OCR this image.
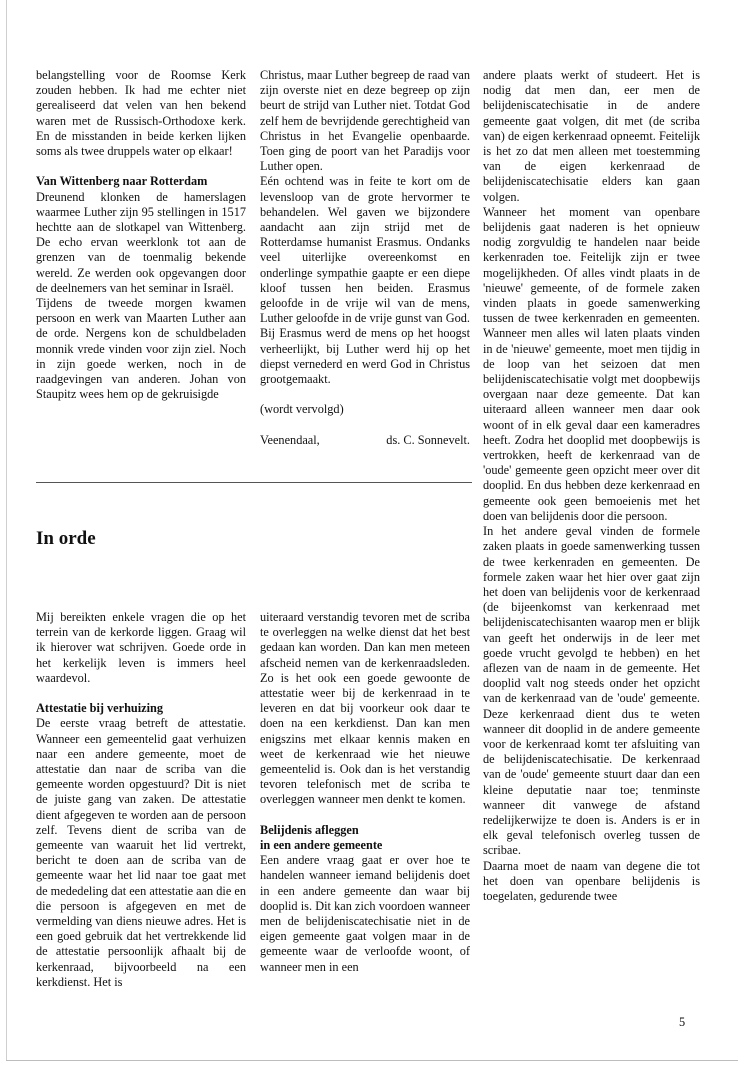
belangstelling voor de Roomse Kerk zouden hebben. Ik had me echter niet gerealiseerd dat velen van hen bekend waren met de Russisch-Orthodoxe kerk. En de misstanden in beide kerken lijken soms als twee druppels water op elkaar!

Van Wittenberg naar Rotterdam

Dreunend klonken de hamerslagen waarmee Luther zijn 95 stellingen in 1517 hechtte aan de slotkapel van Wittenberg. De echo ervan weerklonk tot aan de grenzen van de toenmalig bekende wereld. Ze werden ook opgevangen door de deelnemers van het seminar in Israël.

Tijdens de tweede morgen kwamen persoon en werk van Maarten Luther aan de orde. Nergens kon de schuldbeladen monnik vrede vinden voor zijn ziel. Noch in zijn goede werken, noch in de raadgevingen van anderen. Johan von Staupitz wees hem op de gekruisigde

Christus, maar Luther begreep de raad van zijn overste niet en deze begreep op zijn beurt de strijd van Luther niet. Totdat God zelf hem de bevrijdende gerechtigheid van Christus in het Evangelie openbaarde. Toen ging de poort van het Paradijs voor Luther open.

Eén ochtend was in feite te kort om de levensloop van de grote hervormer te behandelen. Wel gaven we bijzondere aandacht aan zijn strijd met de Rotterdamse humanist Erasmus. Ondanks veel uiterlijke overeenkomst en onderlinge sympathie gaapte er een diepe kloof tussen hen beiden. Erasmus geloofde in de vrije wil van de mens, Luther geloofde in de vrije gunst van God. Bij Erasmus werd de mens op het hoogst verheerlijkt, bij Luther werd hij op het diepst vernederd en werd God in Christus grootgemaakt.

(wordt vervolgd)

Veenendaal,	ds. C. Sonnevelt.
In orde

Mij bereikten enkele vragen die op het terrein van de kerkorde liggen. Graag wil ik hierover wat schrijven. Goede orde in het kerkelijk leven is immers heel waardevol.

Attestatie bij verhuizing

De eerste vraag betreft de attestatie. Wanneer een gemeentelid gaat verhuizen naar een andere gemeente, moet de attestatie dan naar de scriba van die gemeente worden opgestuurd? Dit is niet de juiste gang van zaken. De attestatie dient afgegeven te worden aan de persoon zelf. Tevens dient de scriba van de gemeente van waaruit het lid vertrekt, bericht te doen aan de scriba van de gemeente waar het lid naar toe gaat met de mededeling dat een attestatie aan die en die persoon is afgegeven en met de vermelding van diens nieuwe adres. Het is een goed gebruik dat het vertrekkende lid de attestatie persoonlijk afhaalt bij de kerkenraad, bijvoorbeeld na een kerkdienst. Het is

uiteraard verstandig tevoren met de scriba te overleggen na welke dienst dat het best gedaan kan worden. Dan kan men meteen afscheid nemen van de kerkenraadsleden. Zo is het ook een goede gewoonte de attestatie weer bij de kerkenraad in te leveren en dat bij voorkeur ook daar te doen na een kerkdienst. Dan kan men enigszins met elkaar kennis maken en weet de kerkenraad wie het nieuwe gemeentelid is. Ook dan is het verstandig tevoren telefonisch met de scriba te overleggen wanneer men denkt te komen.

Belijdenis afleggen
in een andere gemeente

Een andere vraag gaat er over hoe te handelen wanneer iemand belijdenis doet in een andere gemeente dan waar bij dooplid is. Dit kan zich voordoen wanneer men de belijdeniscatechisatie niet in de eigen gemeente gaat volgen maar in de gemeente waar de verloofde woont, of wanneer men in een

andere plaats werkt of studeert. Het is nodig dat men dan, eer men de belijdeniscatechisatie in de andere gemeente gaat volgen, dit met (de scriba van) de eigen kerkenraad opneemt. Feitelijk is het zo dat men alleen met toestemming van de eigen kerkenraad de belijdeniscatechisatie elders kan gaan volgen.

Wanneer het moment van openbare belijdenis gaat naderen is het opnieuw nodig zorgvuldig te handelen naar beide kerkenraden toe. Feitelijk zijn er twee mogelijkheden. Of alles vindt plaats in de 'nieuwe' gemeente, of de formele zaken vinden plaats in goede samenwerking tussen de twee kerkenraden en gemeenten. Wanneer men alles wil laten plaats vinden in de 'nieuwe' gemeente, moet men tijdig in de loop van het seizoen dat men belijdeniscatechisatie volgt met doopbewijs overgaan naar deze gemeente. Dat kan uiteraard alleen wanneer men daar ook woont of in elk geval daar een kameradres heeft. Zodra het dooplid met doopbewijs is vertrokken, heeft de kerkenraad van de 'oude' gemeente geen opzicht meer over dit dooplid. En dus hebben deze kerkenraad en gemeente ook geen bemoeienis met het doen van belijdenis door die persoon.

In het andere geval vinden de formele zaken plaats in goede samenwerking tussen de twee kerkenraden en gemeenten. De formele zaken waar het hier over gaat zijn het doen van belijdenis voor de kerkenraad (de bijeenkomst van kerkenraad met belijdeniscatechisanten waarop men er blijk van geeft het onderwijs in de leer met goede vrucht gevolgd te hebben) en het aflezen van de naam in de gemeente. Het dooplid valt nog steeds onder het opzicht van de kerkenraad van de 'oude' gemeente. Deze kerkenraad dient dus te weten wanneer dit dooplid in de andere gemeente voor de kerkenraad komt ter afsluiting van de belijdeniscatechisatie. De kerkenraad van de 'oude' gemeente stuurt daar dan een kleine deputatie naar toe; tenminste wanneer dit vanwege de afstand redelijkerwijze te doen is. Anders is er in elk geval telefonisch overleg tussen de scribae.

Daarna moet de naam van degene die tot het doen van openbare belijdenis is toegelaten, gedurende twee

5
